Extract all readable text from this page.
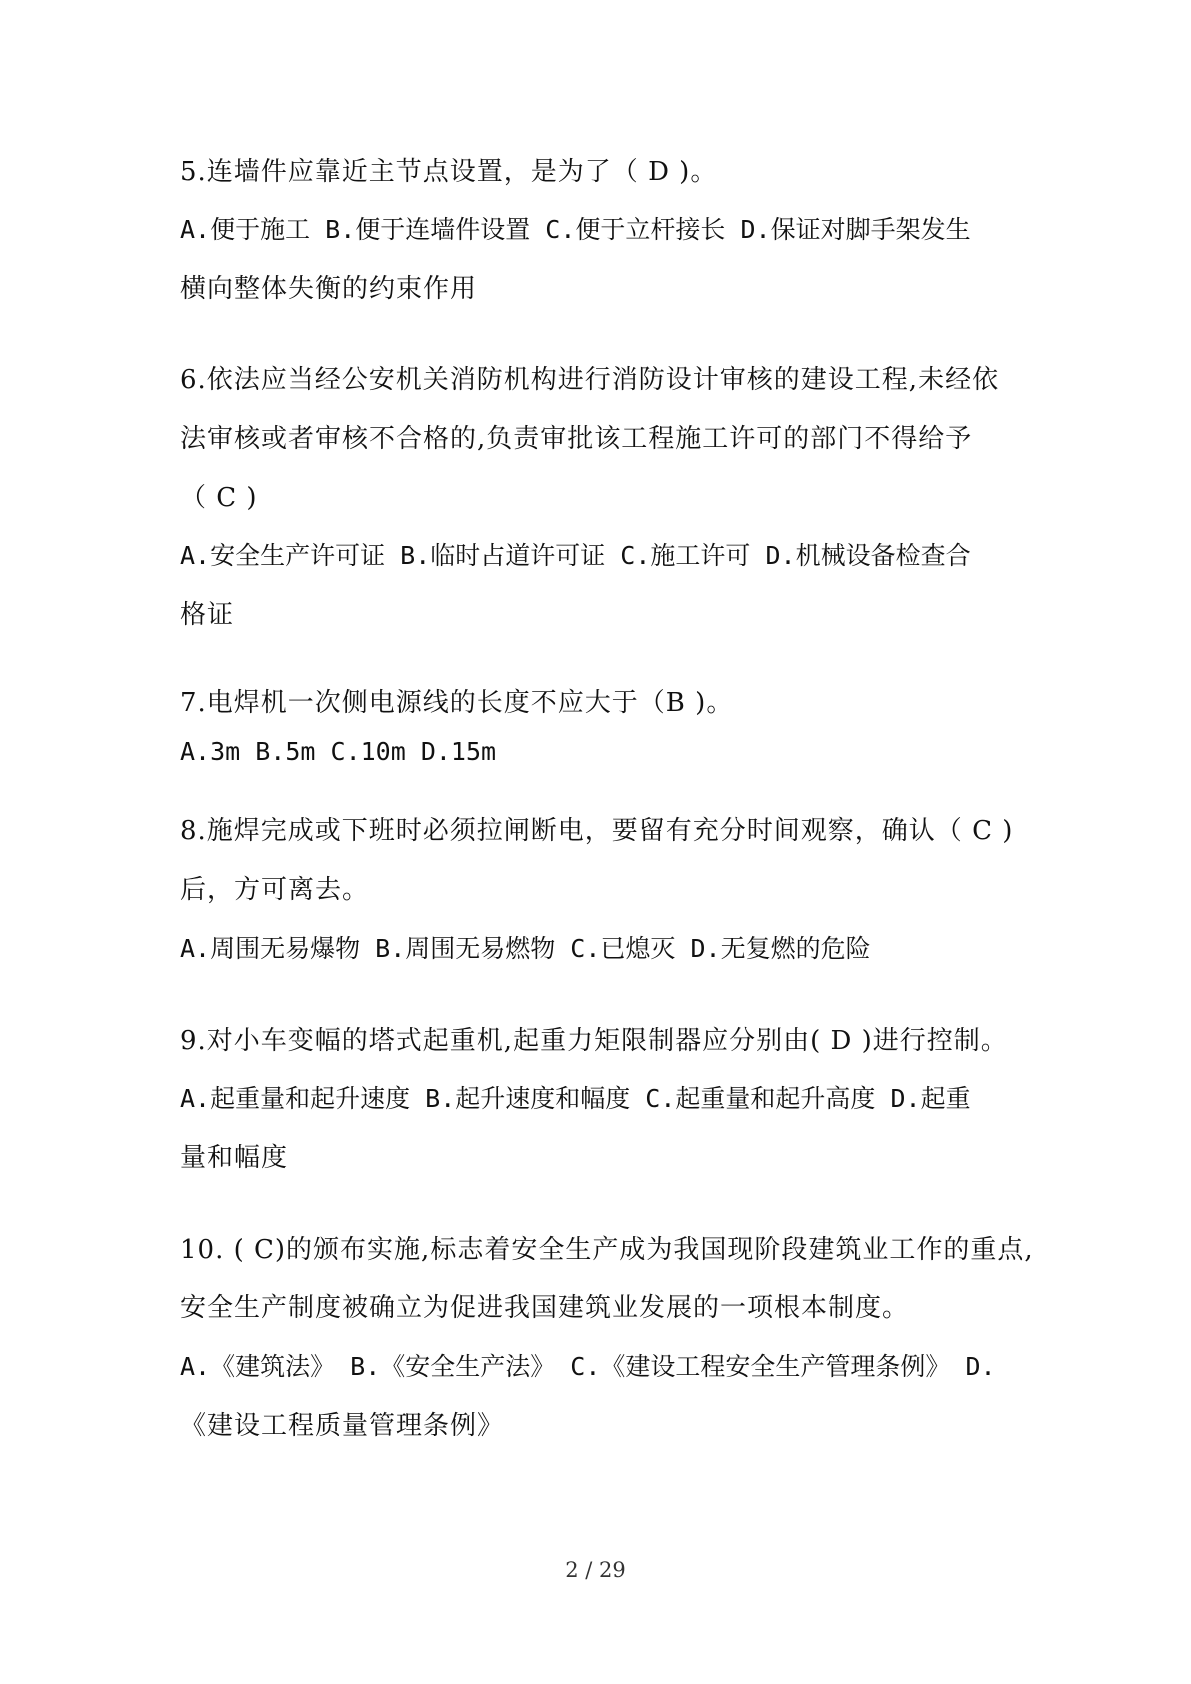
5.连墙件应靠近主节点设置，是为了（ D )。
A.便于施工 B.便于连墙件设置 C.便于立杆接长 D.保证对脚手架发生
横向整体失衡的约束作用
6.依法应当经公安机关消防机构进行消防设计审核的建设工程,未经依
法审核或者审核不合格的,负责审批该工程施工许可的部门不得给予
（ C )
A.安全生产许可证 B.临时占道许可证 C.施工许可 D.机械设备检查合
格证
7.电焊机一次侧电源线的长度不应大于（B )。
A.3m B.5m C.10m D.15m
8.施焊完成或下班时必须拉闸断电，要留有充分时间观察，确认（ C )
后，方可离去。
A.周围无易爆物 B.周围无易燃物 C.已熄灭 D.无复燃的危险
9.对小车变幅的塔式起重机,起重力矩限制器应分别由( D )进行控制。
A.起重量和起升速度 B.起升速度和幅度 C.起重量和起升高度 D.起重
量和幅度
10. ( C)的颁布实施,标志着安全生产成为我国现阶段建筑业工作的重点,
安全生产制度被确立为促进我国建筑业发展的一项根本制度。
A.《建筑法》 B.《安全生产法》 C.《建设工程安全生产管理条例》 D.
《建设工程质量管理条例》
2 / 29
